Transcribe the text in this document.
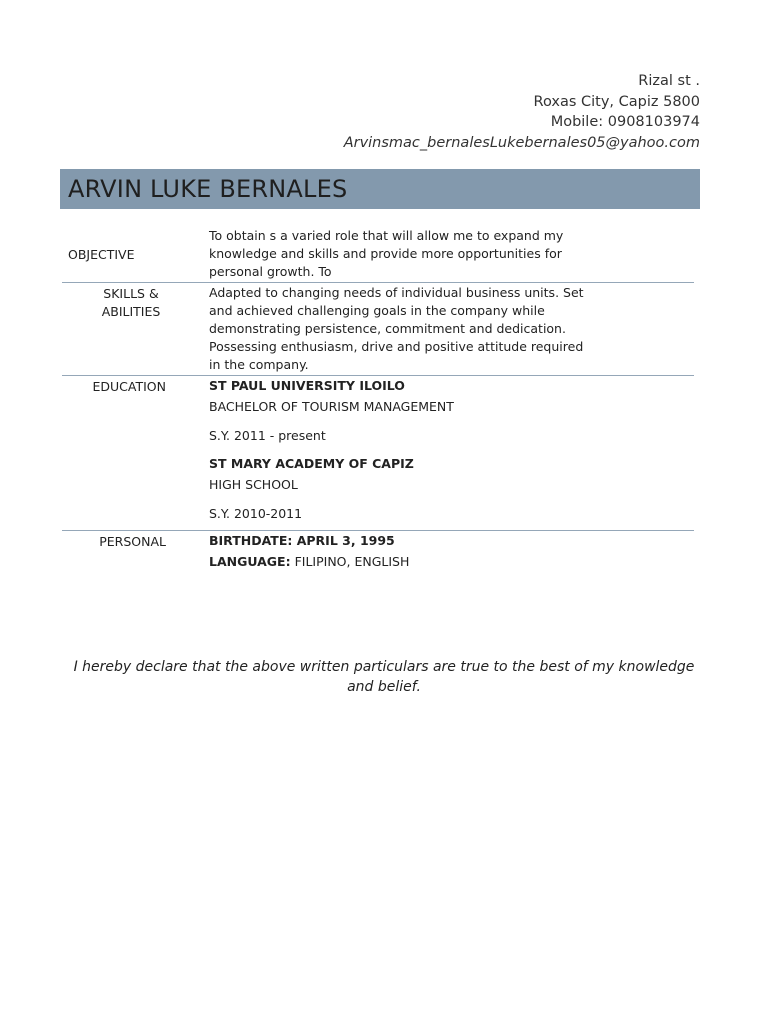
Rizal st .
Roxas City, Capiz 5800
Mobile: 0908103974
Arvinsmac_bernalesLukebernales05@yahoo.com
ARVIN LUKE BERNALES
OBJECTIVE

To obtain s a varied role that will allow me to expand my

knowledge and skills and provide more opportunities for

personal growth. To

SKILLS &
ABILITIES

Adapted to changing needs of individual business units. Set

and achieved challenging goals in the company while

demonstrating persistence, commitment and dedication.

Possessing enthusiasm, drive and positive attitude required

in the company.

EDUCATION	ST PAUL UNIVERSITY ILOILO

BACHELOR OF TOURISM MANAGEMENT

S.Y. 2011 - present

ST MARY ACADEMY OF CAPIZ

HIGH SCHOOL

S.Y. 2010-2011

PERSONAL	BIRTHDATE: APRIL 3, 1995

LANGUAGE: FILIPINO, ENGLISH

I hereby declare that the above written particulars are true to the best of my knowledge and belief.
